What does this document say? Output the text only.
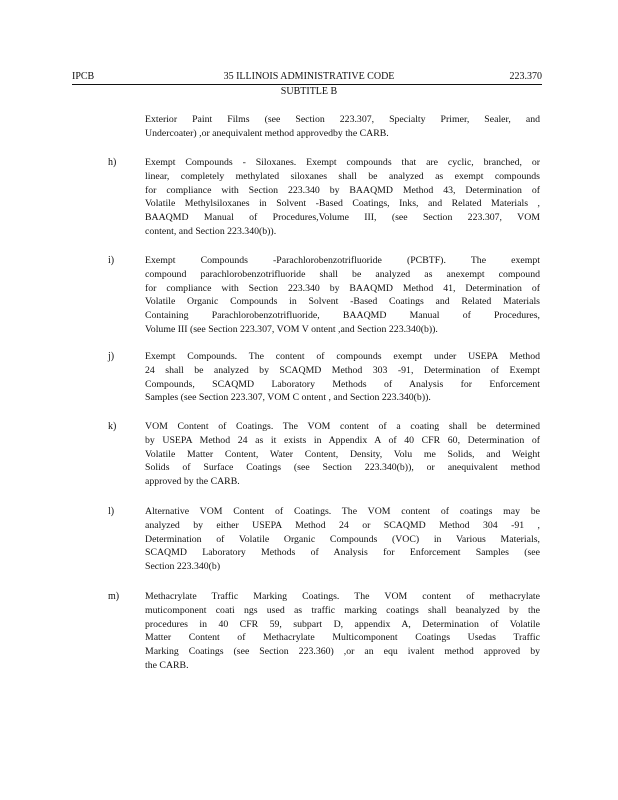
IPCB	35 ILLINOIS ADMINISTRATIVE CODE	223.370
SUBTITLE B
Exterior Paint Films (see Section 223.307, Specialty Primer, Sealer, and
Undercoater) ,or anequivalent method approvedby the CARB.
h)	Exempt Compounds - Siloxanes. Exempt compounds that are cyclic, branched, or
linear, completely methylated siloxanes shall be analyzed as exempt compounds
for compliance with Section 223.340 by BAAQMD Method 43, Determination of
Volatile Methylsiloxanes in Solvent -Based Coatings, Inks, and Related Materials ,
BAAQMD Manual of Procedures,Volume III, (see Section 223.307, VOM
content, and Section 223.340(b)).
i)	Exempt Compounds -Parachlorobenzotrifluoride (PCBTF). The exempt
compound parachlorobenzotrifluoride shall be analyzed as anexempt compound
for compliance with Section 223.340 by BAAQMD Method 41, Determination of
Volatile Organic Compounds in Solvent -Based Coatings and Related Materials
Containing Parachlorobenzotrifluoride, BAAQMD Manual of Procedures,
Volume III (see Section 223.307, VOM V ontent ,and Section 223.340(b)).
j)	Exempt Compounds. The content of compounds exempt under USEPA Method
24 shall be analyzed by SCAQMD Method 303 -91, Determination of Exempt
Compounds, SCAQMD Laboratory Methods of Analysis for Enforcement
Samples (see Section 223.307, VOM C ontent , and Section 223.340(b)).
k)	VOM Content of Coatings. The VOM content of a coating shall be determined
by USEPA Method 24 as it exists in Appendix A of 40 CFR 60, Determination of
Volatile Matter Content, Water Content, Density, Volu me Solids, and Weight
Solids of Surface Coatings (see Section 223.340(b)), or anequivalent method
approved by the CARB.
l)	Alternative VOM Content of Coatings. The VOM content of coatings may be
analyzed by either USEPA Method 24 or SCAQMD Method 304 -91 ,
Determination of Volatile Organic Compounds (VOC) in Various Materials,
SCAQMD Laboratory Methods of Analysis for Enforcement Samples (see
Section 223.340(b)
m)	Methacrylate Traffic Marking Coatings. The VOM content of methacrylate
muticomponent coati ngs used as traffic marking coatings shall beanalyzed by the
procedures in 40 CFR 59, subpart D, appendix A, Determination of Volatile
Matter Content of Methacrylate Multicomponent Coatings Usedas Traffic
Marking Coatings (see Section 223.360) ,or an equ ivalent method approved by
the CARB.
